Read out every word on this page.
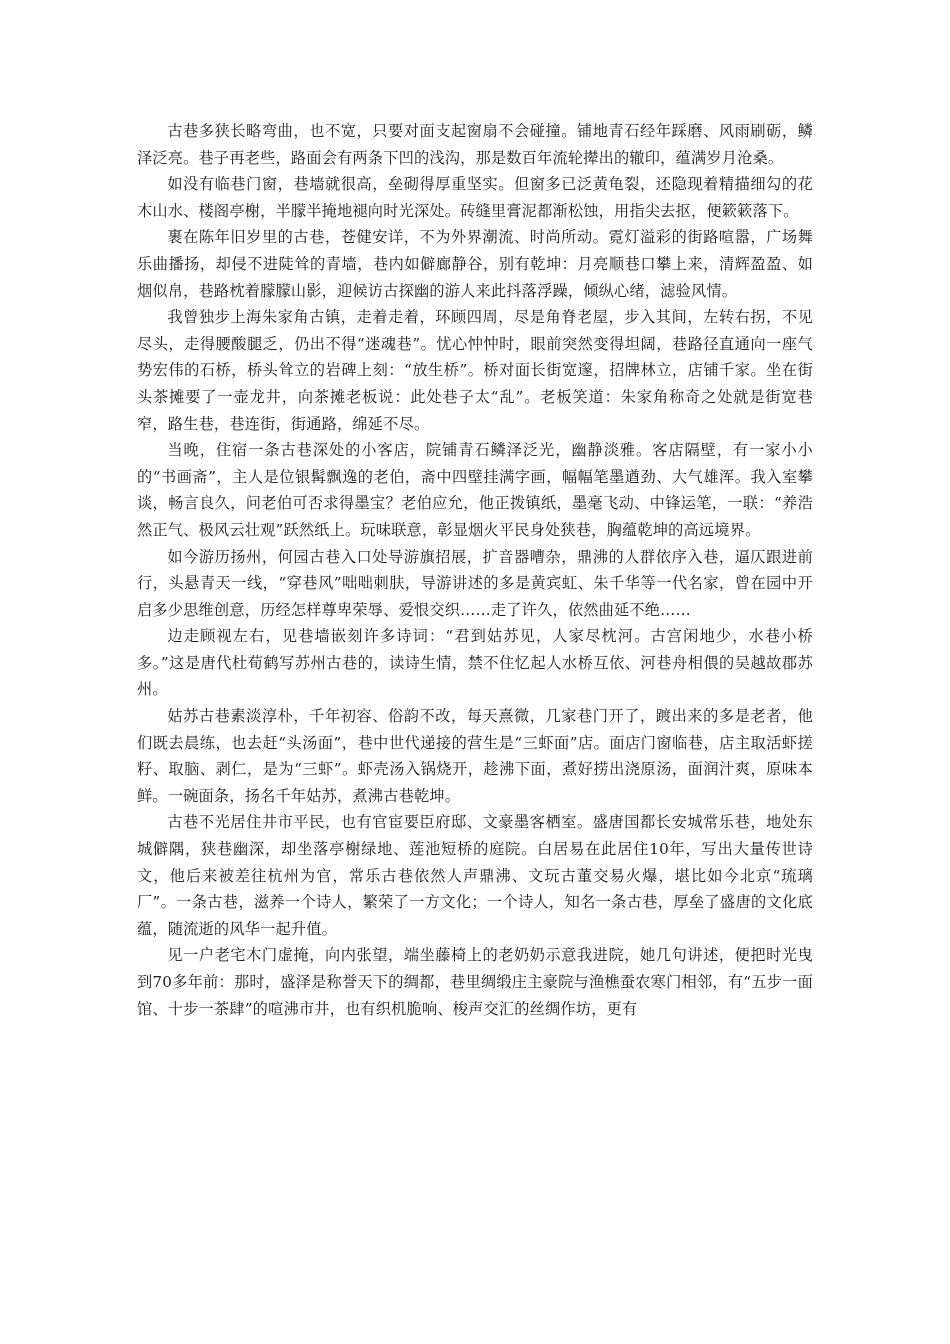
古巷多狭长略弯曲，也不宽，只要对面支起窗扇不会碰撞。铺地青石经年踩磨、风雨刷砺，鳞泽泛亮。巷子再老些，路面会有两条下凹的浅沟，那是数百年流轮撵出的辙印，蕴满岁月沧桑。

如没有临巷门窗，巷墙就很高，垒砌得厚重坚实。但窗多已泛黄龟裂，还隐现着精描细勾的花木山水、楼阁亭榭，半朦半掩地褪向时光深处。砖缝里膏泥都渐松蚀，用指尖去抠，便簌簌落下。

裹在陈年旧岁里的古巷，苍健安详，不为外界潮流、时尚所动。霓灯溢彩的街路喧嚣，广场舞乐曲播扬，却侵不进陡耸的青墙，巷内如僻廊静谷，别有乾坤：月亮顺巷口攀上来，清辉盈盈、如烟似帛，巷路枕着朦朦山影，迎候访古探幽的游人来此抖落浮躁，倾纵心绪，滤验风情。

我曾独步上海朱家角古镇，走着走着，环顾四周，尽是角脊老屋，步入其间，左转右拐，不见尽头，走得腰酸腿乏，仍出不得“迷魂巷”。忧心忡忡时，眼前突然变得坦阔，巷路径直通向一座气势宏伟的石桥，桥头耸立的岩碑上刻：“放生桥”。桥对面长街宽邃，招牌林立，店铺千家。坐在街头茶摊要了一壶龙井，向茶摊老板说：此处巷子太“乱”。老板笑道：朱家角称奇之处就是街宽巷窄，路生巷，巷连街，街通路，绵延不尽。

当晚，住宿一条古巷深处的小客店，院铺青石鳞泽泛光，幽静淡雅。客店隔壁，有一家小小的“书画斋”，主人是位银髯飘逸的老伯，斋中四壁挂满字画，幅幅笔墨遒劲、大气雄浑。我入室攀谈，畅言良久，问老伯可否求得墨宝？老伯应允，他正拨镇纸，墨毫飞动、中锋运笔，一联：“养浩然正气、极风云壮观”跃然纸上。玩味联意，彰显烟火平民身处狭巷，胸蕴乾坤的高远境界。

如今游历扬州，何园古巷入口处导游旗招展，扩音器嘈杂，鼎沸的人群依序入巷，逼仄跟进前行，头悬青天一线，“穿巷风”咄咄刺肤，导游讲述的多是黄宾虹、朱千华等一代名家，曾在园中开启多少思维创意，历经怎样尊卑荣辱、爱恨交织……走了许久，依然曲延不绝……

边走顾视左右，见巷墙嵌刻许多诗词：“君到姑苏见，人家尽枕河。古宫闲地少，水巷小桥多。”这是唐代杜荀鹤写苏州古巷的，读诗生情，禁不住忆起人水桥互依、河巷舟相偎的吴越故郡苏州。

姑苏古巷素淡淳朴，千年初容、俗韵不改，每天熹微，几家巷门开了，踱出来的多是老者，他们既去晨练，也去赶“头汤面”，巷中世代递接的营生是“三虾面”店。面店门窗临巷，店主取活虾搓籽、取脑、剥仁，是为“三虾”。虾壳汤入锅烧开，趁沸下面，煮好捞出浇原汤，面润汁爽，原味本鲜。一碗面条，扬名千年姑苏，煮沸古巷乾坤。

古巷不光居住井市平民，也有官宦要臣府邸、文豪墨客栖室。盛唐国都长安城常乐巷，地处东城僻隅，狭巷幽深，却坐落亭榭绿地、莲池短桥的庭院。白居易在此居住10年，写出大量传世诗文，他后来被差往杭州为官，常乐古巷依然人声鼎沸、文玩古董交易火爆，堪比如今北京“琉璃厂”。一条古巷，滋养一个诗人，繁荣了一方文化；一个诗人，知名一条古巷，厚垒了盛唐的文化底蕴，随流逝的风华一起升值。

见一户老宅木门虚掩，向内张望，端坐藤椅上的老奶奶示意我进院，她几句讲述，便把时光曳到70多年前：那时，盛泽是称誉天下的绸都，巷里绸缎庄主豪院与渔樵蚕农寒门相邻，有“五步一面馆、十步一茶肆”的喧沸市井，也有织机脆响、梭声交汇的丝绸作坊，更有
